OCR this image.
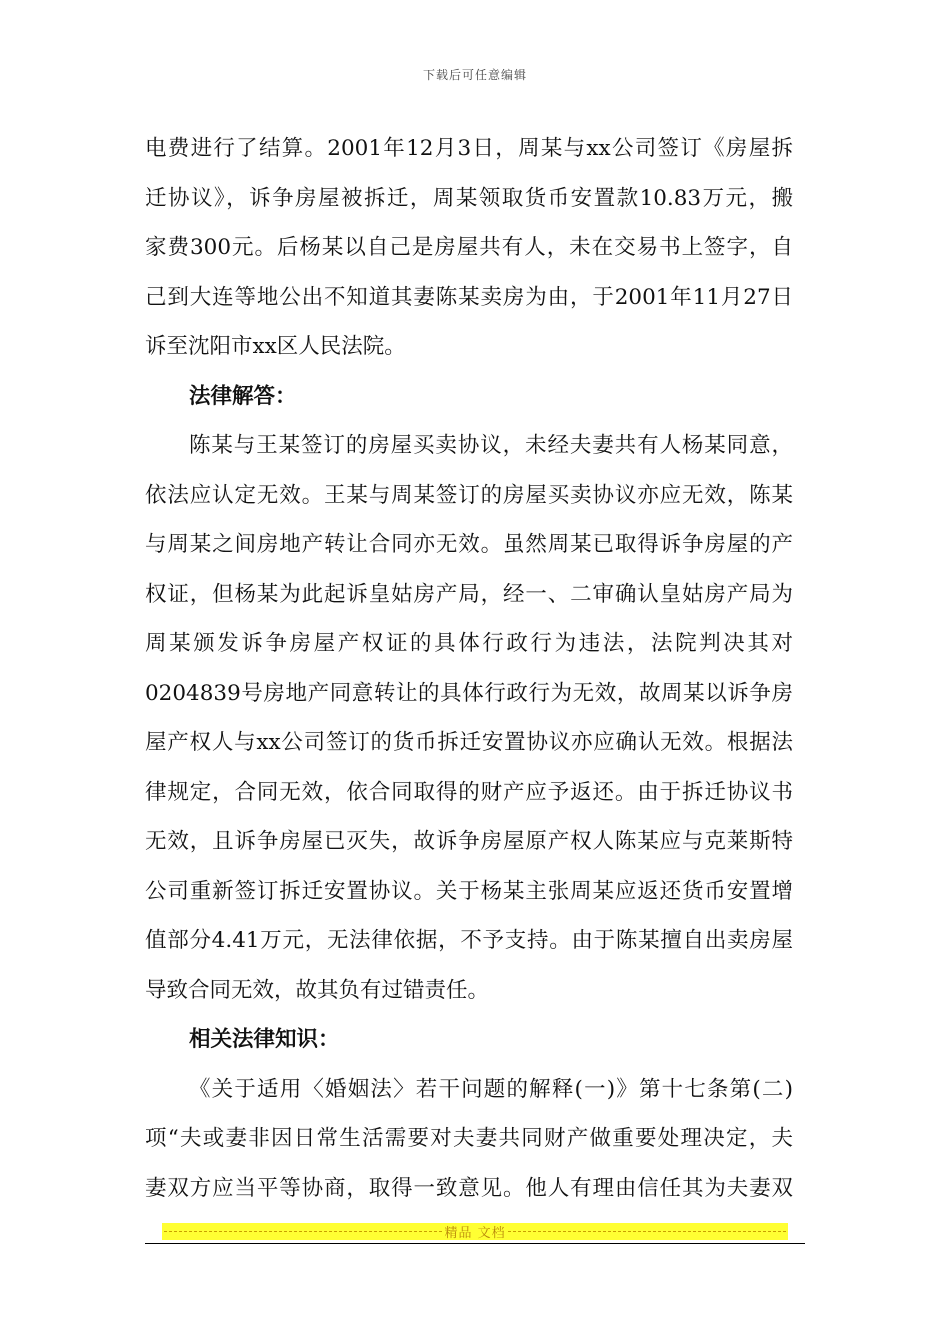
下载后可任意编辑
电费进行了结算。2001年12月3日，周某与xx公司签订《房屋拆
迁协议》，诉争房屋被拆迁，周某领取货币安置款10.83万元，搬
家费300元。后杨某以自己是房屋共有人，未在交易书上签字，自
己到大连等地公出不知道其妻陈某卖房为由，于2001年11月27日
诉至沈阳市xx区人民法院。
法律解答：
陈某与王某签订的房屋买卖协议，未经夫妻共有人杨某同意，
依法应认定无效。王某与周某签订的房屋买卖协议亦应无效，陈某
与周某之间房地产转让合同亦无效。虽然周某已取得诉争房屋的产
权证，但杨某为此起诉皇姑房产局，经一、二审确认皇姑房产局为
周某颁发诉争房屋产权证的具体行政行为违法，法院判决其对
0204839号房地产同意转让的具体行政行为无效，故周某以诉争房
屋产权人与xx公司签订的货币拆迁安置协议亦应确认无效。根据法
律规定，合同无效，依合同取得的财产应予返还。由于拆迁协议书
无效，且诉争房屋已灭失，故诉争房屋原产权人陈某应与克莱斯特
公司重新签订拆迁安置协议。关于杨某主张周某应返还货币安置增
值部分4.41万元，无法律依据，不予支持。由于陈某擅自出卖房屋
导致合同无效，故其负有过错责任。
相关法律知识：
《关于适用〈婚姻法〉若干问题的解释(一)》第十七条第(二)
项“夫或妻非因日常生活需要对夫妻共同财产做重要处理决定，夫
妻双方应当平等协商，取得一致意见。他人有理由信任其为夫妻双
精品 文档
